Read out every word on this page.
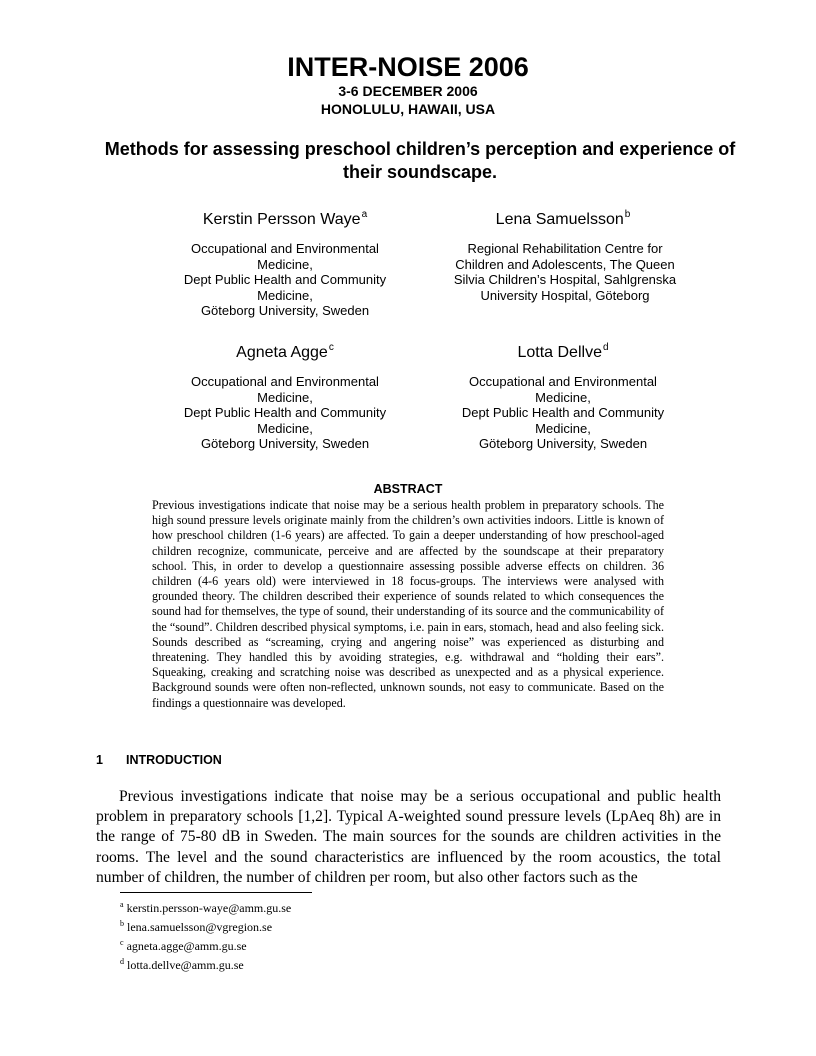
INTER-NOISE 2006
3-6 DECEMBER 2006
HONOLULU, HAWAII, USA
Methods for assessing preschool children’s perception and experience of their soundscape.
Kerstin Persson Waye$^a$
Occupational and Environmental
Medicine,
Dept Public Health and Community
Medicine,
Göteborg University, Sweden
Lena Samuelsson$^b$
Regional Rehabilitation Centre for
Children and Adolescents, The Queen
Silvia Children’s Hospital, Sahlgrenska
University Hospital, Göteborg
Agneta Agge$^c$
Occupational and Environmental
Medicine,
Dept Public Health and Community
Medicine,
Göteborg University, Sweden
Lotta Dellve$^d$
Occupational and Environmental
Medicine,
Dept Public Health and Community
Medicine,
Göteborg University, Sweden
ABSTRACT
Previous investigations indicate that noise may be a serious health problem in preparatory schools. The high sound pressure levels originate mainly from the children’s own activities indoors. Little is known of how preschool children (1-6 years) are affected. To gain a deeper understanding of how preschool-aged children recognize, communicate, perceive and are affected by the soundscape at their preparatory school. This, in order to develop a questionnaire assessing possible adverse effects on children. 36 children (4-6 years old) were interviewed in 18 focus-groups. The interviews were analysed with grounded theory. The children described their experience of sounds related to which consequences the sound had for themselves, the type of sound, their understanding of its source and the communicability of the “sound”. Children described physical symptoms, i.e. pain in ears, stomach, head and also feeling sick. Sounds described as “screaming, crying and angering noise” was experienced as disturbing and threatening. They handled this by avoiding strategies, e.g. withdrawal and “holding their ears”. Squeaking, creaking and scratching noise was described as unexpected and as a physical experience. Background sounds were often non-reflected, unknown sounds, not easy to communicate. Based on the findings a questionnaire was developed.
1 INTRODUCTION
Previous investigations indicate that noise may be a serious occupational and public health problem in preparatory schools [1,2]. Typical A-weighted sound pressure levels (LpAeq 8h) are in the range of 75-80 dB in Sweden. The main sources for the sounds are children activities in the rooms. The level and the sound characteristics are influenced by the room acoustics, the total number of children, the number of children per room, but also other factors such as the
$^a$ kerstin.persson-waye@amm.gu.se
$^b$ lena.samuelsson@vgregion.se
$^c$ agneta.agge@amm.gu.se
$^d$ lotta.dellve@amm.gu.se
